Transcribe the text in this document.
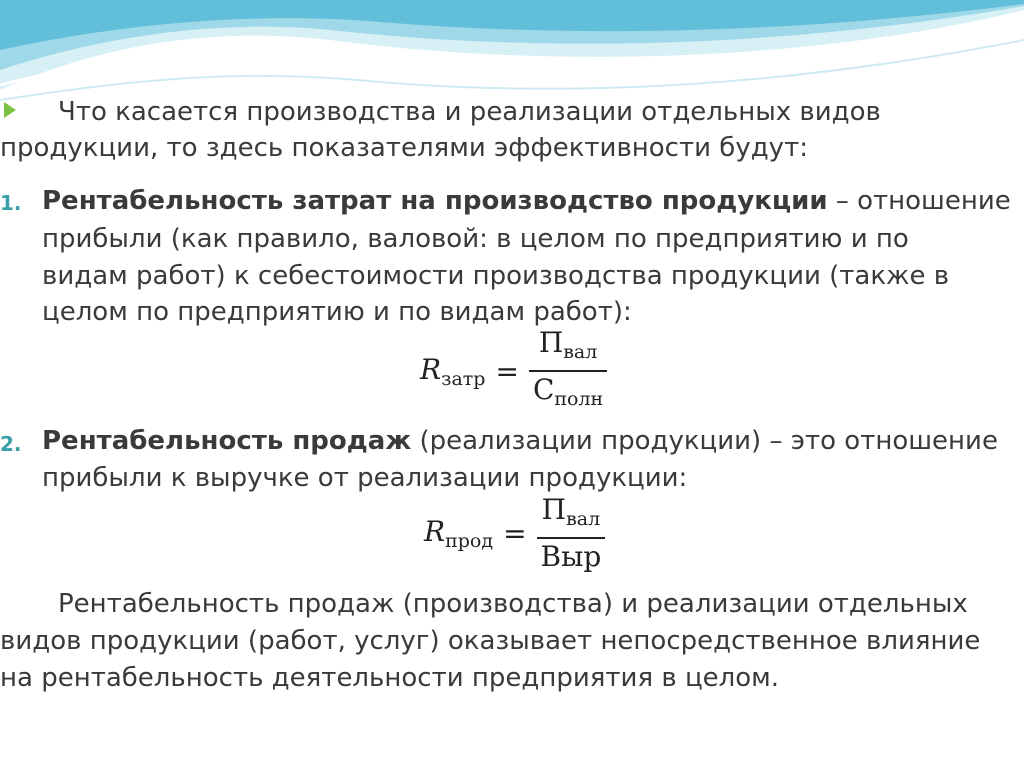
Что касается производства и реализации отдельных видов

продукции, то здесь показателями эффективности будут:

1. Рентабельность затрат на производство продукции – отношение

прибыли (как правило, валовой: в целом по предприятию и по

видам работ) к себестоимости производства продукции (также в

целом по предприятию и по видам работ):

$R_{затр} = \frac{П_{вал}}{С_{полн}}$
2. Рентабельность продаж (реализации продукции) – это отношение

прибыли к выручке от реализации продукции:

$R_{прод} = \frac{П_{вал}}{\text{Выр}}$

Рентабельность продаж (производства) и реализации отдельных

видов продукции (работ, услуг) оказывает непосредственное влияние

на рентабельность деятельности предприятия в целом.
